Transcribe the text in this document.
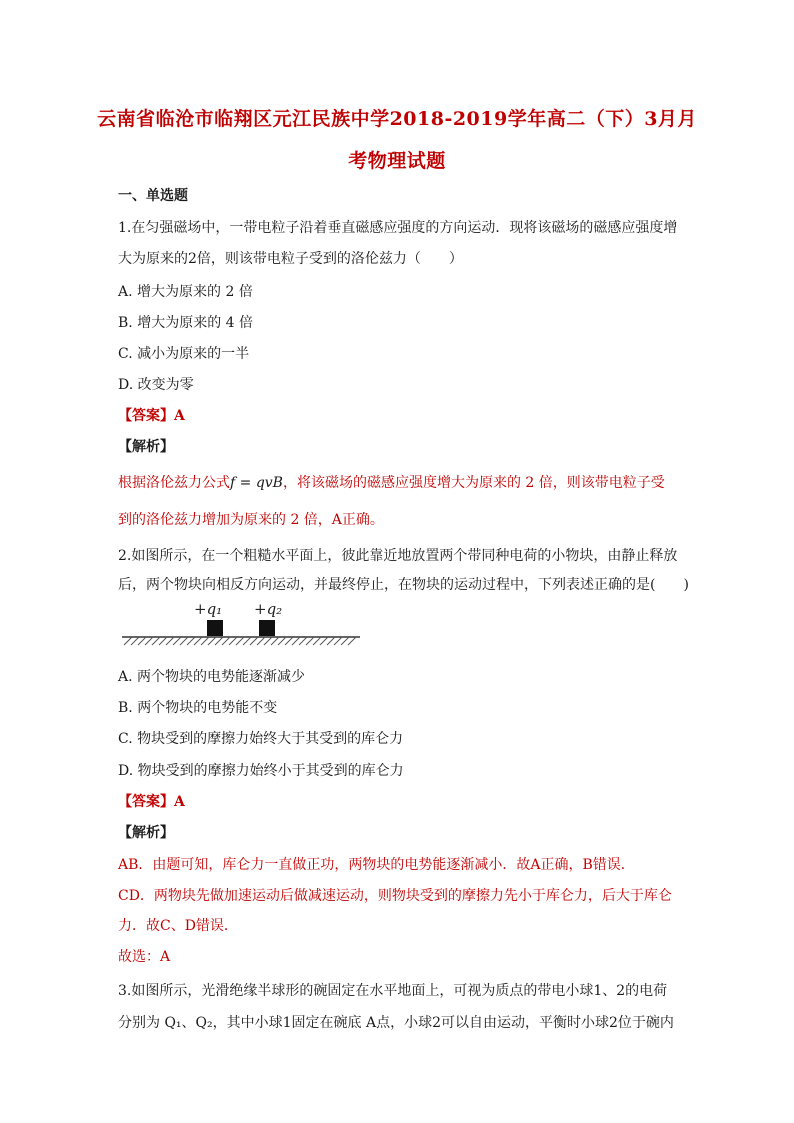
云南省临沧市临翔区元江民族中学2018-2019学年高二（下）3月月
考物理试题
一、单选题
1.在匀强磁场中，一带电粒子沿着垂直磁感应强度的方向运动．现将该磁场的磁感应强度增
大为原来的2倍，则该带电粒子受到的洛伦兹力（　　）
A. 增大为原来的 2 倍
B. 增大为原来的 4 倍
C. 减小为原来的一半
D. 改变为零
【答案】A
【解析】
根据洛伦兹力公式f = qvB，将该磁场的磁感应强度增大为原来的 2 倍，则该带电粒子受
到的洛伦兹力增加为原来的 2 倍，A正确。
2.如图所示，在一个粗糙水平面上，彼此靠近地放置两个带同种电荷的小物块，由静止释放
后，两个物块向相反方向运动，并最终停止，在物块的运动过程中，下列表述正确的是(　　)
+q₁ +q₂
A. 两个物块的电势能逐渐减少
B. 两个物块的电势能不变
C. 物块受到的摩擦力始终大于其受到的库仑力
D. 物块受到的摩擦力始终小于其受到的库仑力
【答案】A
【解析】
AB．由题可知，库仑力一直做正功，两物块的电势能逐渐减小．故A正确，B错误．
CD．两物块先做加速运动后做减速运动，则物块受到的摩擦力先小于库仑力，后大于库仑
力．故C、D错误．
故选：A
3.如图所示，光滑绝缘半球形的碗固定在水平地面上，可视为质点的带电小球1、2的电荷
分别为 Q₁、Q₂，其中小球1固定在碗底 A点，小球2可以自由运动，平衡时小球2位于碗内
